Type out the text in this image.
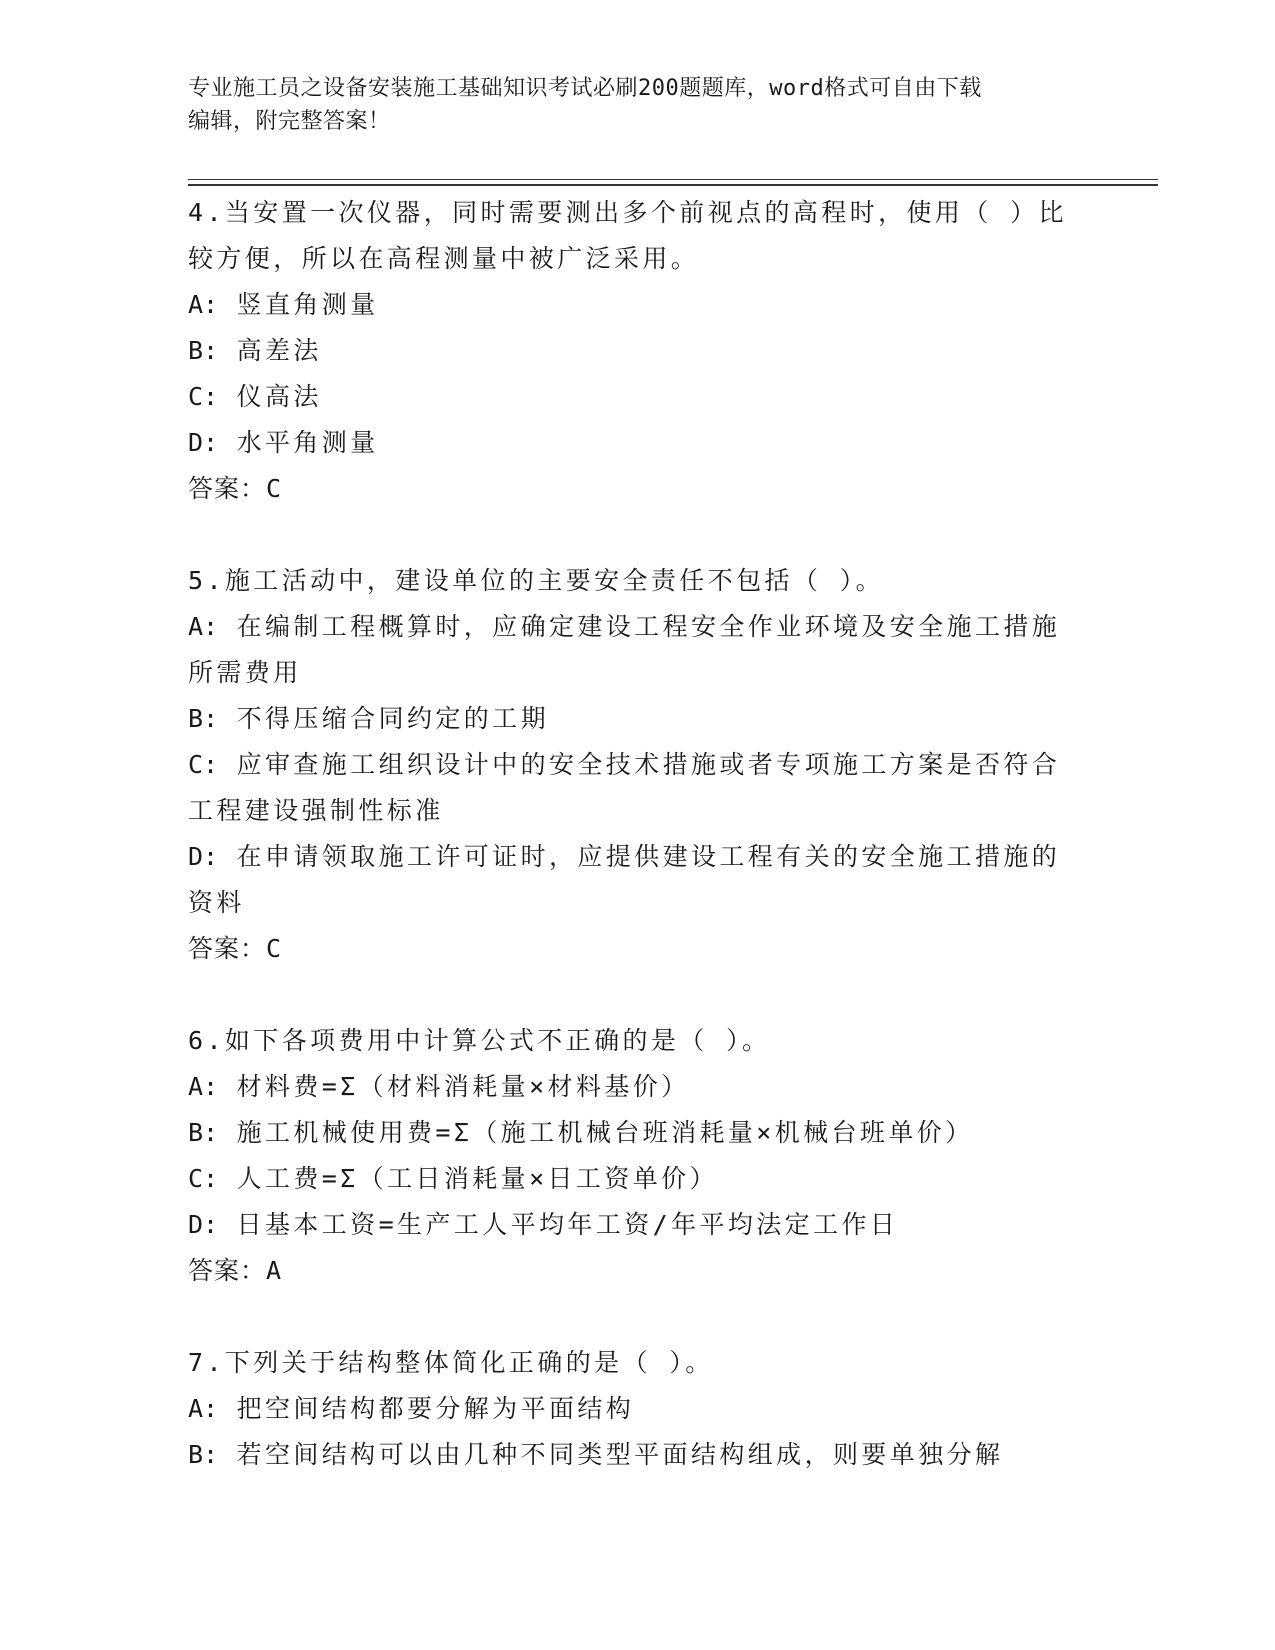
专业施工员之设备安装施工基础知识考试必刷200题题库，word格式可自由下载
编辑，附完整答案！
4.当安置一次仪器，同时需要测出多个前视点的高程时，使用（ ）比
较方便，所以在高程测量中被广泛采用。
A: 竖直角测量
B: 高差法
C: 仪高法
D: 水平角测量
答案：C
5.施工活动中，建设单位的主要安全责任不包括（ ）。
A: 在编制工程概算时，应确定建设工程安全作业环境及安全施工措施
所需费用
B: 不得压缩合同约定的工期
C: 应审查施工组织设计中的安全技术措施或者专项施工方案是否符合
工程建设强制性标准
D: 在申请领取施工许可证时，应提供建设工程有关的安全施工措施的
资料
答案：C
6.如下各项费用中计算公式不正确的是（ ）。
A: 材料费=Σ（材料消耗量×材料基价）
B: 施工机械使用费=Σ（施工机械台班消耗量×机械台班单价）
C: 人工费=Σ（工日消耗量×日工资单价）
D: 日基本工资=生产工人平均年工资/年平均法定工作日
答案：A
7.下列关于结构整体简化正确的是（ ）。
A: 把空间结构都要分解为平面结构
B: 若空间结构可以由几种不同类型平面结构组成，则要单独分解
